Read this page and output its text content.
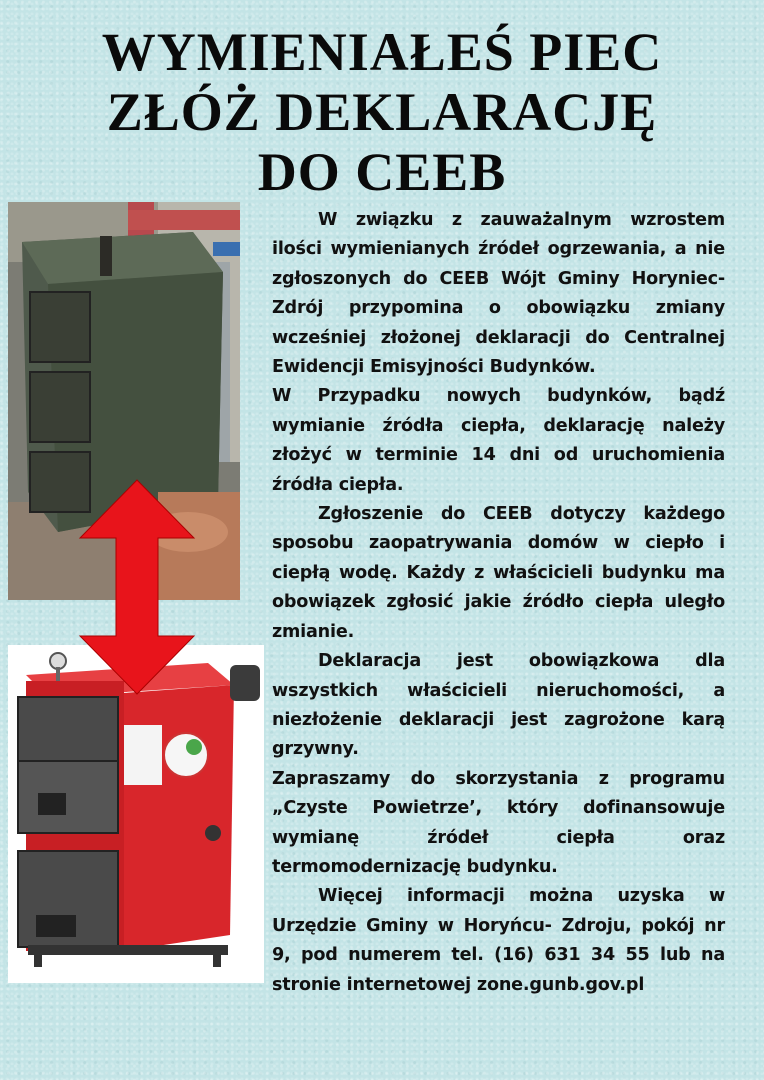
WYMIENIAŁEŚ PIEC
ZŁÓŻ DEKLARACJĘ
DO CEEB

W związku z zauważalnym wzrostem ilości wymienianych źródeł ogrzewania, a nie zgłoszonych do CEEB Wójt Gminy Horyniec-Zdrój przypomina o obowiązku zmiany wcześniej złożonej deklaracji do Centralnej Ewidencji Emisyjności Budynków.

W Przypadku nowych budynków, bądź wymianie źródła ciepła, deklarację należy złożyć w terminie 14 dni od uruchomienia źródła ciepła.

Zgłoszenie do CEEB dotyczy każdego sposobu zaopatrywania domów w ciepło i ciepłą wodę. Każdy z właścicieli budynku ma obowiązek zgłosić jakie źródło ciepła uległo zmianie.

Deklaracja jest obowiązkowa dla wszystkich właścicieli nieruchomości, a niezłożenie deklaracji jest zagrożone karą grzywny.

Zapraszamy do skorzystania z programu „Czyste Powietrze’, który dofinansowuje wymianę źródeł ciepła oraz termomodernizację budynku.

Więcej informacji można uzyska w Urzędzie Gminy w Horyńcu- Zdroju, pokój nr 9, pod numerem tel. (16) 631 34 55 lub na stronie internetowej zone.gunb.gov.pl
